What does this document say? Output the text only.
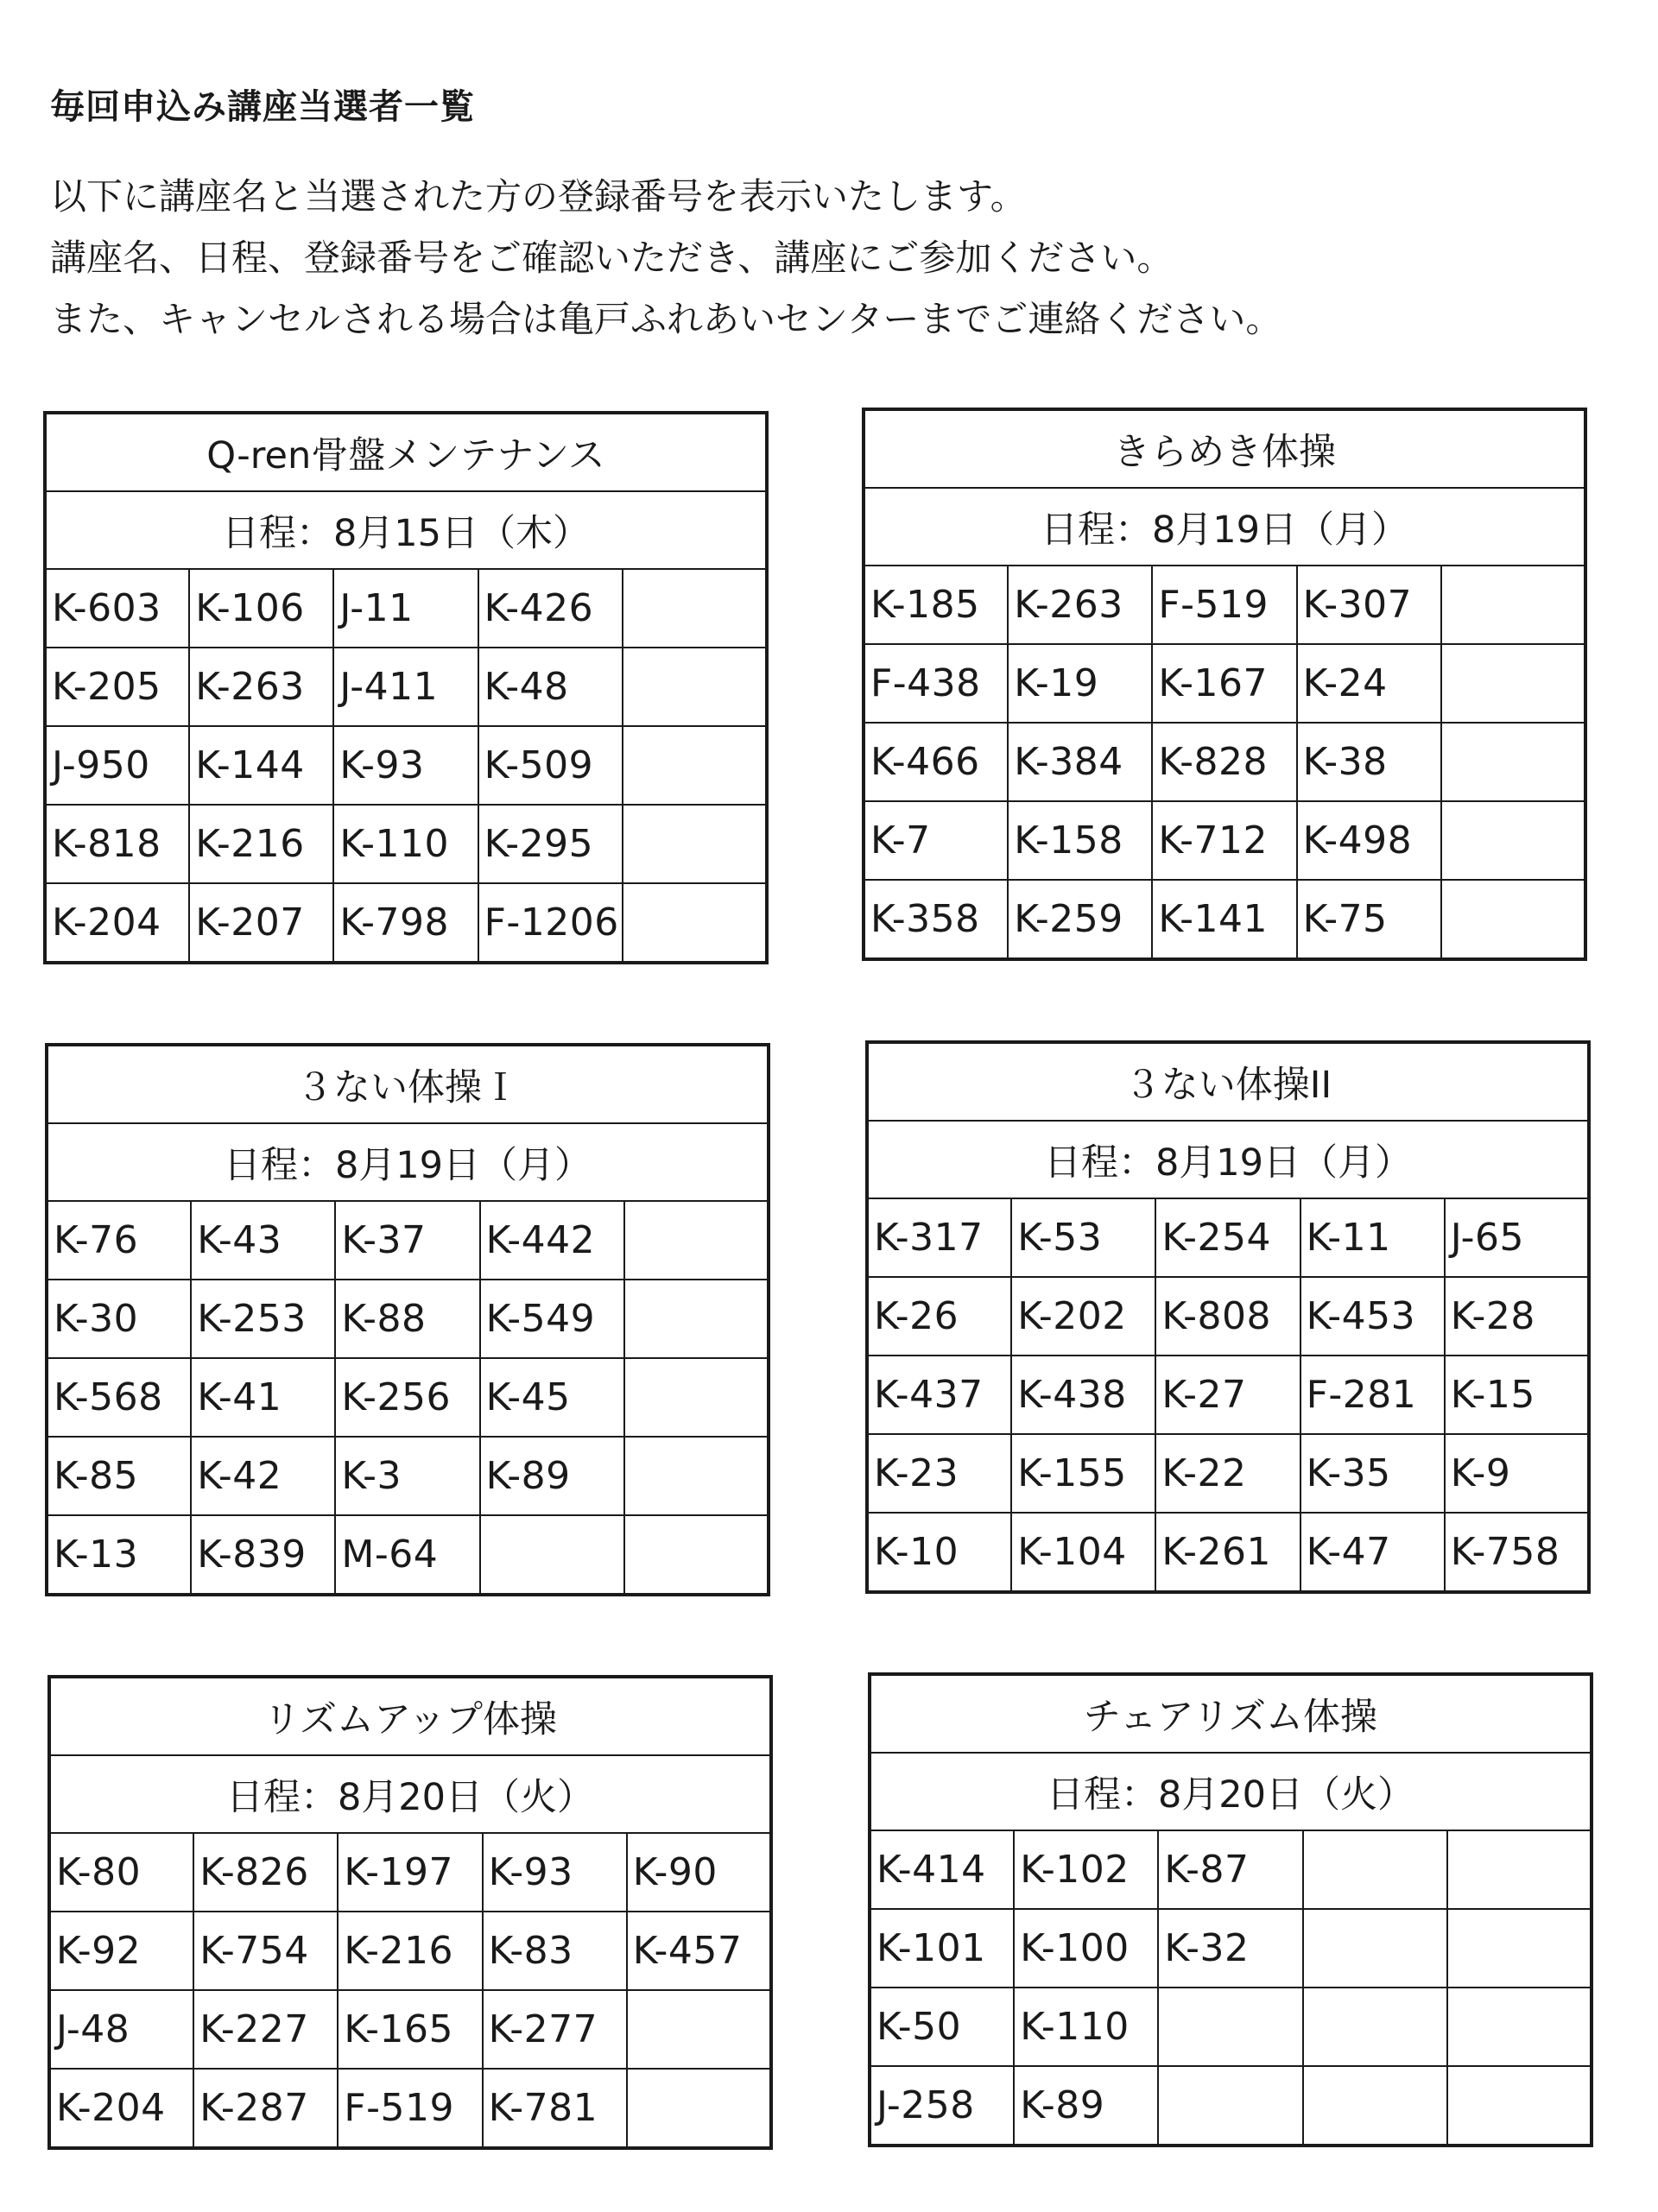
毎回申込み講座当選者一覧
以下に講座名と当選された方の登録番号を表示いたします。
講座名、日程、登録番号をご確認いただき、講座にご参加ください。
また、キャンセルされる場合は亀戸ふれあいセンターまでご連絡ください。
Q-ren骨盤メンテナンス				
日程：8月15日（木）				
K-603	K-106	J-11	K-426	
K-205	K-263	J-411	K-48	
J-950	K-144	K-93	K-509	
K-818	K-216	K-110	K-295	
K-204	K-207	K-798	F-1206	
きらめき体操				
日程：8月19日（月）				
K-185	K-263	F-519	K-307	
F-438	K-19	K-167	K-24	
K-466	K-384	K-828	K-38	
K-7	K-158	K-712	K-498	
K-358	K-259	K-141	K-75	
３ない体操Ｉ				
日程：8月19日（月）				
K-76	K-43	K-37	K-442	
K-30	K-253	K-88	K-549	
K-568	K-41	K-256	K-45	
K-85	K-42	K-3	K-89	
K-13	K-839	M-64		
３ない体操II				
日程：8月19日（月）				
K-317	K-53	K-254	K-11	J-65
K-26	K-202	K-808	K-453	K-28
K-437	K-438	K-27	F-281	K-15
K-23	K-155	K-22	K-35	K-9
K-10	K-104	K-261	K-47	K-758
リズムアップ体操				
日程：8月20日（火）				
K-80	K-826	K-197	K-93	K-90
K-92	K-754	K-216	K-83	K-457
J-48	K-227	K-165	K-277	
K-204	K-287	F-519	K-781	
チェアリズム体操				
日程：8月20日（火）				
K-414	K-102	K-87		
K-101	K-100	K-32		
K-50	K-110			
J-258	K-89			
